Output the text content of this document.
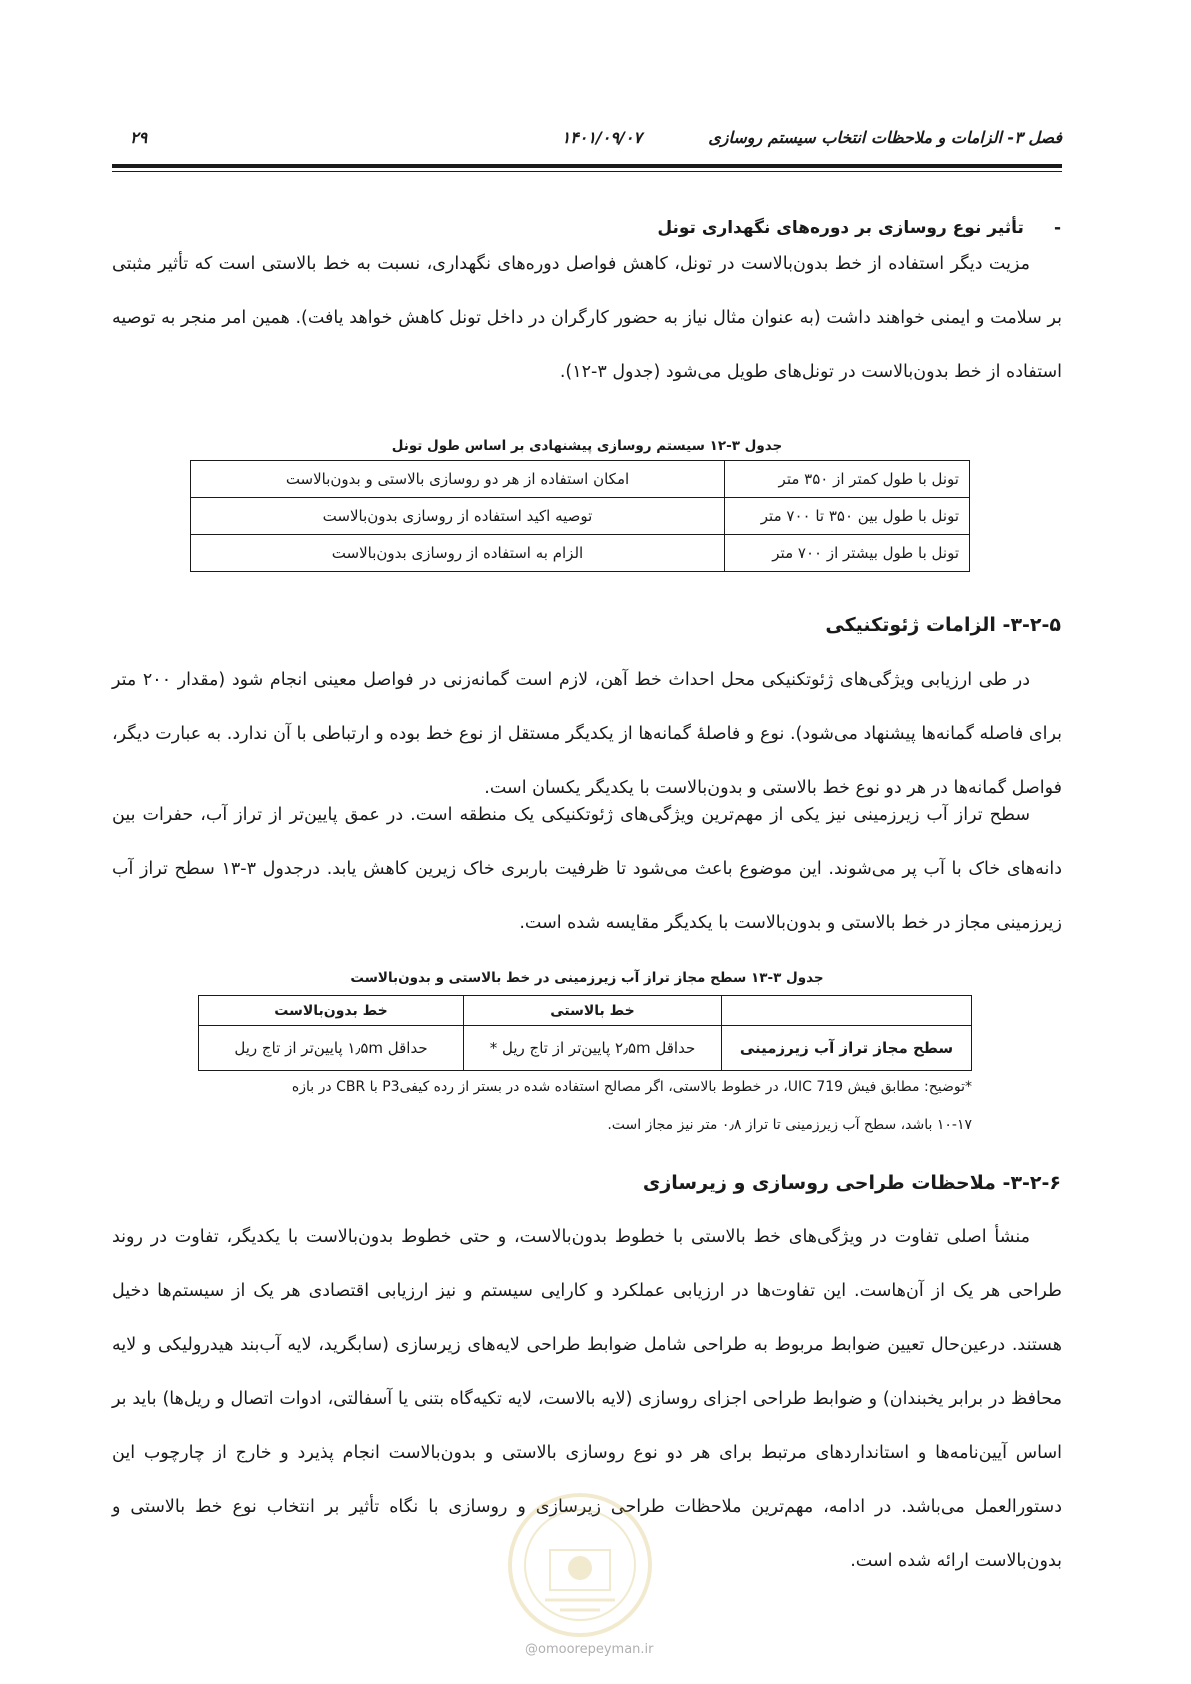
فصل ۳- الزامات و ملاحظات انتخاب سیستم روسازی
۱۴۰۱/۰۹/۰۷
۲۹
-تأثیر نوع روسازی بر دوره‌های نگهداری تونل

مزیت دیگر استفاده از خط بدون‌بالاست در تونل، کاهش فواصل دوره‌های نگهداری، نسبت به خط بالاستی است که تأثیر مثبتی بر سلامت و ایمنی خواهند داشت (به عنوان مثال نیاز به حضور کارگران در داخل تونل کاهش خواهد یافت). همین امر منجر به توصیه استفاده از خط بدون‌بالاست در تونل‌های طویل می‌شود (جدول ۳-۱۲).

جدول ۳-۱۲ سیستم روسازی پیشنهادی بر اساس طول تونل
تونل با طول کمتر از ۳۵۰ متر	امکان استفاده از هر دو روسازی بالاستی و بدون‌بالاست
تونل با طول بین ۳۵۰ تا ۷۰۰ متر	توصیه اکید استفاده از روسازی بدون‌بالاست
تونل با طول بیشتر از ۷۰۰ متر	الزام به استفاده از روسازی بدون‌بالاست
۳-۲-۵- الزامات ژئوتکنیکی

در طی ارزیابی ویژگی‌های ژئوتکنیکی محل احداث خط آهن، لازم است گمانه‌زنی در فواصل معینی انجام شود (مقدار ۲۰۰ متر برای فاصله گمانه‌ها پیشنهاد می‌شود). نوع و فاصلهٔ گمانه‌ها از یکدیگر مستقل از نوع خط بوده و ارتباطی با آن ندارد. به عبارت دیگر، فواصل گمانه‌ها در هر دو نوع خط بالاستی و بدون‌بالاست با یکدیگر یکسان است.

سطح تراز آب زیرزمینی نیز یکی از مهم‌ترین ویژگی‌های ژئوتکنیکی یک منطقه است. در عمق پایین‌تر از تراز آب، حفرات بین دانه‌های خاک با آب پر می‌شوند. این موضوع باعث می‌شود تا ظرفیت باربری خاک زیرین کاهش یابد. درجدول ۳-۱۳ سطح تراز آب زیرزمینی مجاز در خط بالاستی و بدون‌بالاست با یکدیگر مقایسه شده است.

جدول ۳-۱۳ سطح مجاز تراز آب زیرزمینی در خط بالاستی و بدون‌بالاست
	خط بالاستی	خط بدون‌بالاست
سطح مجاز تراز آب زیرزمینی	حداقل ۲٫۵m پایین‌تر از تاج ریل *	حداقل ۱٫۵m پایین‌تر از تاج ریل
*توضیح: مطابق فیش UIC 719، در خطوط بالاستی، اگر مصالح استفاده شده در بستر از رده کیفیP3 با CBR در بازه
۱۰-۱۷ باشد، سطح آب زیرزمینی تا تراز ۰٫۸ متر نیز مجاز است.
۳-۲-۶- ملاحظات طراحی روسازی و زیرسازی

منشأ اصلی تفاوت در ویژگی‌های خط بالاستی با خطوط بدون‌بالاست، و حتی خطوط بدون‌بالاست با یکدیگر، تفاوت در روند طراحی هر یک از آن‌هاست. این تفاوت‌ها در ارزیابی عملکرد و کارایی سیستم و نیز ارزیابی اقتصادی هر یک از سیستم‌ها دخیل هستند. درعین‌حال تعیین ضوابط مربوط به طراحی شامل ضوابط طراحی لایه‌های زیرسازی (سابگرید، لایه آب‌بند هیدرولیکی و لایه محافظ در برابر یخبندان) و ضوابط طراحی اجزای روسازی (لایه بالاست، لایه تکیه‌گاه بتنی یا آسفالتی، ادوات اتصال و ریل‌ها) باید بر اساس آیین‌نامه‌ها و استانداردهای مرتبط برای هر دو نوع روسازی بالاستی و بدون‌بالاست انجام پذیرد و خارج از چارچوب این دستورالعمل می‌باشد. در ادامه، مهم‌ترین ملاحظات طراحی زیرسازی و روسازی با نگاه تأثیر بر انتخاب نوع خط بالاستی و بدون‌بالاست ارائه شده است.

@omoorepeyman.ir
